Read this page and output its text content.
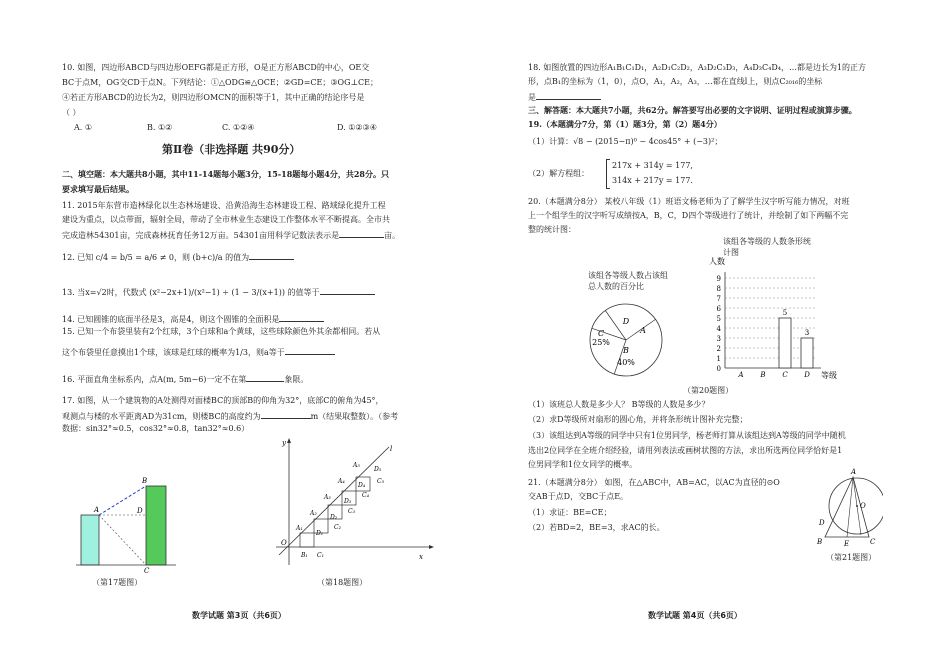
10. 如图，四边形ABCD与四边形OEFG都是正方形，O是正方形ABCD的中心，OE交
BC于点M，OG交CD于点N。下列结论：①△ODG≌△OCE；②GD=CE；③OG⊥CE；
④若正方形ABCD的边长为2，则四边形OMCN的面积等于1，其中正确的结论序号是
（ ）
A. ①	B. ①②	C. ①②④	D. ①②③④
第Ⅱ卷（非选择题 共90分）
二、填空题：本大题共8小题，其中11-14题每小题3分，15-18题每小题4分，共28分。只
要求填写最后结果。
11. 2015年东营市造林绿化以生态林场建设、沿黄沿海生态林建设工程、路域绿化提升工程
建设为重点，以点带面，辐射全局，带动了全市林业生态建设工作整体水平不断提高。全市共
完成造林54301亩，完成森林抚育任务12万亩。54301亩用科学记数法表示是	亩。
12. 已知 c/4 = b/5 = a/6 ≠ 0，则 (b+c)/a 的值为
13. 当x=√2时，代数式 (x²−2x+1)/(x²−1) ÷ (1 − 3/(x+1)) 的值等于
14. 已知圆锥的底面半径是3，高是4，则这个圆锥的全面积是
15. 已知一个布袋里装有2个红球，3个白球和a个黄球，这些球除颜色外其余都相同。若从
这个布袋里任意摸出1个球，该球是红球的概率为1/3，则a等于
16. 平面直角坐标系内，点A(m, 5m−6)一定不在第	象限。
17. 如图，从一个建筑物的A处测得对面楼BC的顶部B的仰角为32°，底部C的俯角为45°，
观测点与楼的水平距离AD为31cm，则楼BC的高度约为	m（结果取整数）。（参考
数据：sin32°≈0.5，cos32°≈0.8，tan32°≈0.6）
A
B
D
C
（第17题图）
y
x
O
l
B₁ C₁
A₁
D₁
A₂
C₂
D₂
A₃
C₃
D₃
A₄
C₄
D₄
A₅
C₅
D₅
（第18题图）
数学试题 第3页（共6页）
18. 如图放置的四边形A₁B₁C₁D₁，A₂D₁C₂D₂，A₃D₂C₃D₃，A₄D₃C₄D₄，…都是边长为1的正方
形，点B₁的坐标为（1，0），点O，A₁，A₂，A₃，…都在直线l上，则点C₂₀₁₆的坐标
是
三、解答题：本大题共7小题，共62分。解答要写出必要的文字说明、证明过程或演算步骤。
19.（本题满分7分，第（1）题3分，第（2）题4分）
（1）计算：√8 − (2015−π)⁰ − 4cos45° + (−3)²；
（2）解方程组：
217x + 314y = 177,
314x + 217y = 177.
20.（本题满分8分） 某校八年级（1）班语文杨老师为了了解学生汉字听写能力情况，对班
上一个组学生的汉字听写成绩按A，B，C，D四个等级进行了统计，并绘制了如下两幅不完
整的统计图：
该组各等级人数占该组总人数的百分比
D
A
C
25%
B
40%
该组各等级的人数条形统计图
0
1
2
3
4
5
6
7
8
9
A B C D
5
3
人数
等级
（第20题图）
（1）该班总人数是多少人？ B等级的人数是多少？
（2）求D等级所对扇形的圆心角，并将条形统计图补充完整；
（3）该组达到A等级的同学中只有1位男同学，杨老师打算从该组达到A等级的同学中随机
选出2位同学在全班介绍经验，请用列表法或画树状图的方法，求出所选两位同学恰好是1
位男同学和1位女同学的概率。
21.（本题满分8分） 如图，在△ABC中，AB=AC，以AC为直径的⊙O
交AB于点D，交BC于点E。
（1）求证：BE=CE；
（2）若BD=2，BE=3，求AC的长。
A
O
D
B	E	C
（第21题图）
数学试题 第4页（共6页）
